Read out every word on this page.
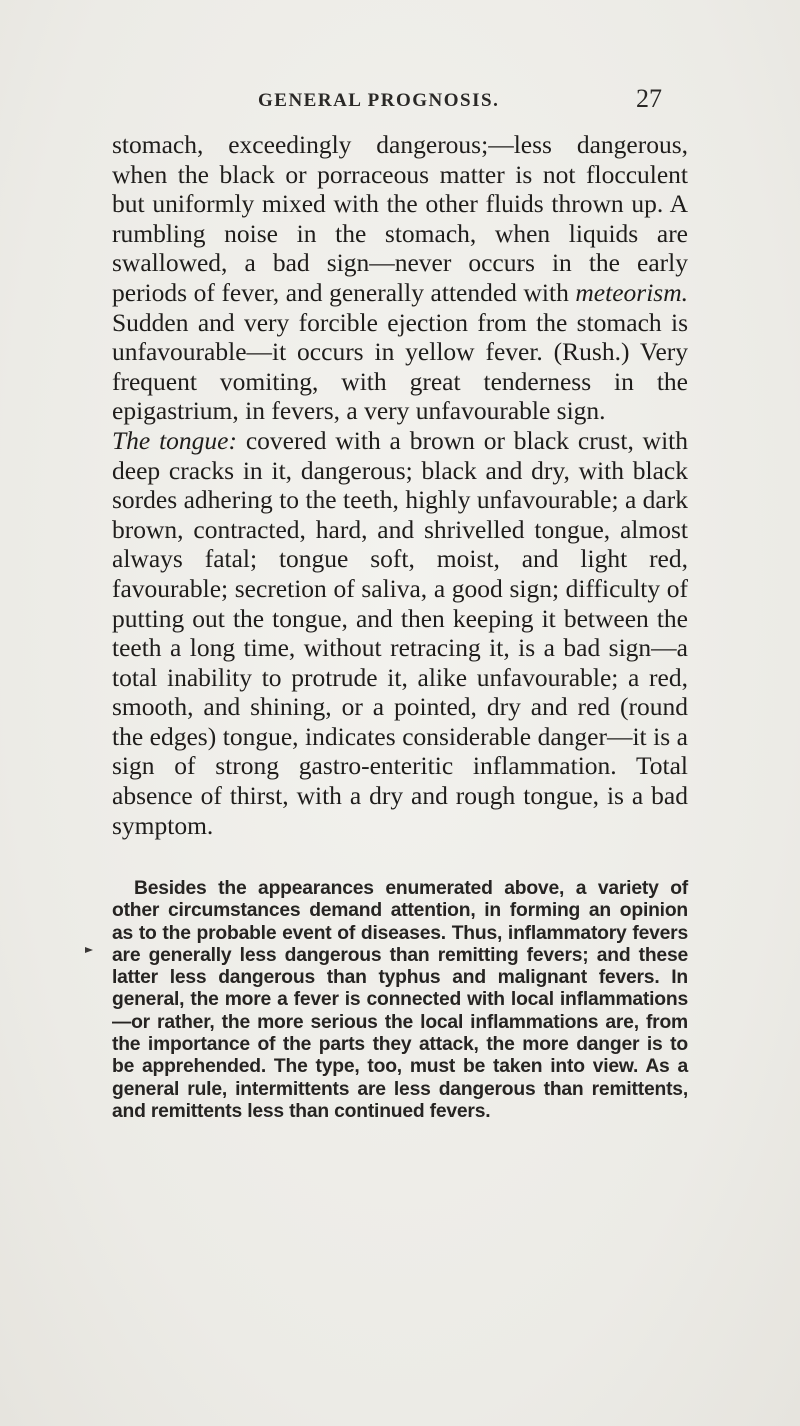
GENERAL PROGNOSIS.	27

stomach, exceedingly dangerous;—less dangerous, when the black or porraceous matter is not flocculent but uniformly mixed with the other fluids thrown up. A rumbling noise in the stomach, when liquids are swallowed, a bad sign—never occurs in the early periods of fever, and generally attended with meteorism. Sudden and very forcible ejection from the stomach is unfavourable—it occurs in yellow fever. (Rush.) Very frequent vomiting, with great tenderness in the epigastrium, in fevers, a very unfavourable sign.

The tongue: covered with a brown or black crust, with deep cracks in it, dangerous; black and dry, with black sordes adhering to the teeth, highly unfavourable; a dark brown, contracted, hard, and shrivelled tongue, almost always fatal; tongue soft, moist, and light red, favourable; secretion of saliva, a good sign; difficulty of putting out the tongue, and then keeping it between the teeth a long time, without retracing it, is a bad sign—a total inability to protrude it, alike unfavourable; a red, smooth, and shining, or a pointed, dry and red (round the edges) tongue, indicates considerable danger—it is a sign of strong gastro-enteritic inflammation. Total absence of thirst, with a dry and rough tongue, is a bad symptom.

Besides the appearances enumerated above, a variety of other circumstances demand attention, in forming an opinion as to the probable event of diseases. Thus, inflammatory fevers are generally less dangerous than remitting fevers; and these latter less dangerous than typhus and malignant fevers. In general, the more a fever is connected with local inflammations—or rather, the more serious the local inflammations are, from the importance of the parts they attack, the more danger is to be apprehended. The type, too, must be taken into view. As a general rule, intermittents are less dangerous than remittents, and remittents less than continued fevers.
